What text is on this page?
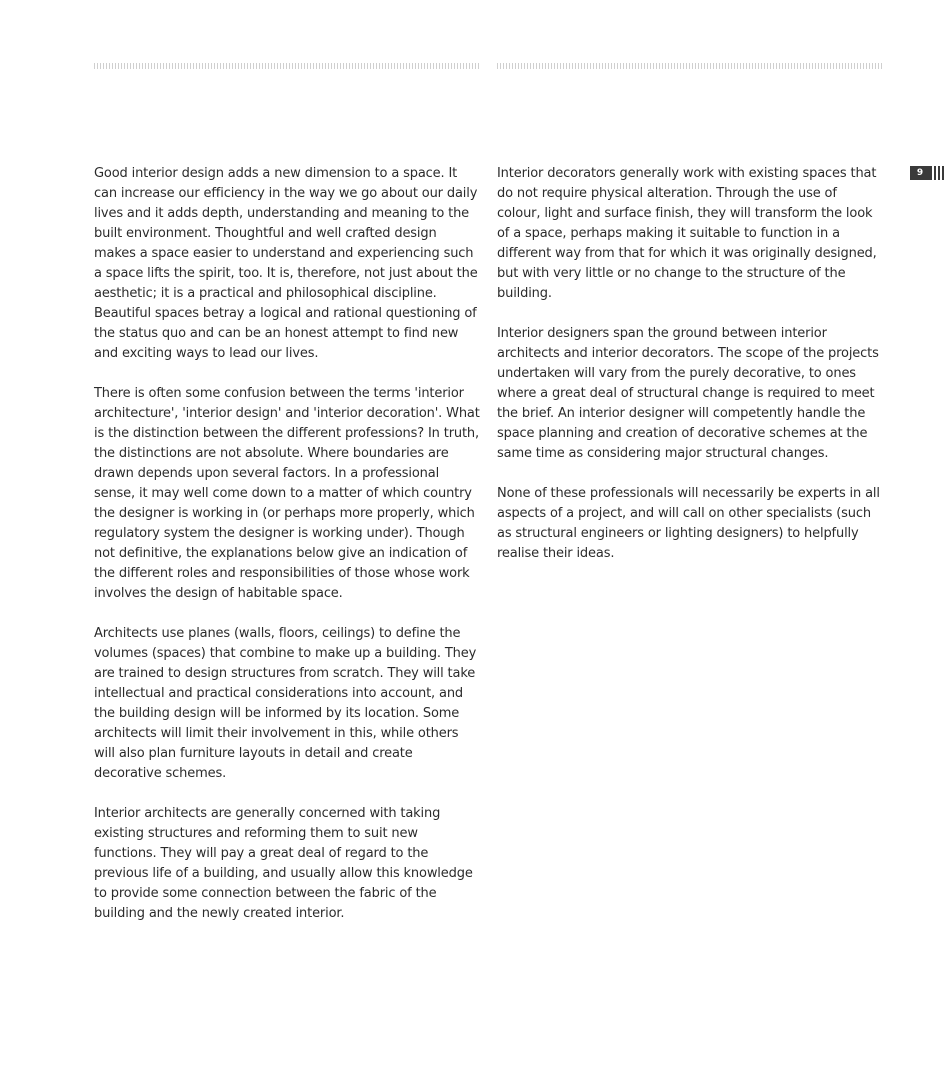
9

Good interior design adds a new dimension to a space. It can increase our efficiency in the way we go about our daily lives and it adds depth, understanding and meaning to the built environment. Thoughtful and well crafted design makes a space easier to understand and experiencing such a space lifts the spirit, too. It is, therefore, not just about the aesthetic; it is a practical and philosophical discipline. Beautiful spaces betray a logical and rational questioning of the status quo and can be an honest attempt to find new and exciting ways to lead our lives.

There is often some confusion between the terms 'interior architecture', 'interior design' and 'interior decoration'. What is the distinction between the different professions? In truth, the distinctions are not absolute. Where boundaries are drawn depends upon several factors. In a professional sense, it may well come down to a matter of which country the designer is working in (or perhaps more properly, which regulatory system the designer is working under). Though not definitive, the explanations below give an indication of the different roles and responsibilities of those whose work involves the design of habitable space.

Architects use planes (walls, floors, ceilings) to define the volumes (spaces) that combine to make up a building. They are trained to design structures from scratch. They will take intellectual and practical considerations into account, and the building design will be informed by its location. Some architects will limit their involvement in this, while others will also plan furniture layouts in detail and create decorative schemes.

Interior architects are generally concerned with taking existing structures and reforming them to suit new functions. They will pay a great deal of regard to the previous life of a building, and usually allow this knowledge to provide some connection between the fabric of the building and the newly created interior.

Interior decorators generally work with existing spaces that do not require physical alteration. Through the use of colour, light and surface finish, they will transform the look of a space, perhaps making it suitable to function in a different way from that for which it was originally designed, but with very little or no change to the structure of the building.

Interior designers span the ground between interior architects and interior decorators. The scope of the projects undertaken will vary from the purely decorative, to ones where a great deal of structural change is required to meet the brief. An interior designer will competently handle the space planning and creation of decorative schemes at the same time as considering major structural changes.

None of these professionals will necessarily be experts in all aspects of a project, and will call on other specialists (such as structural engineers or lighting designers) to helpfully realise their ideas.
